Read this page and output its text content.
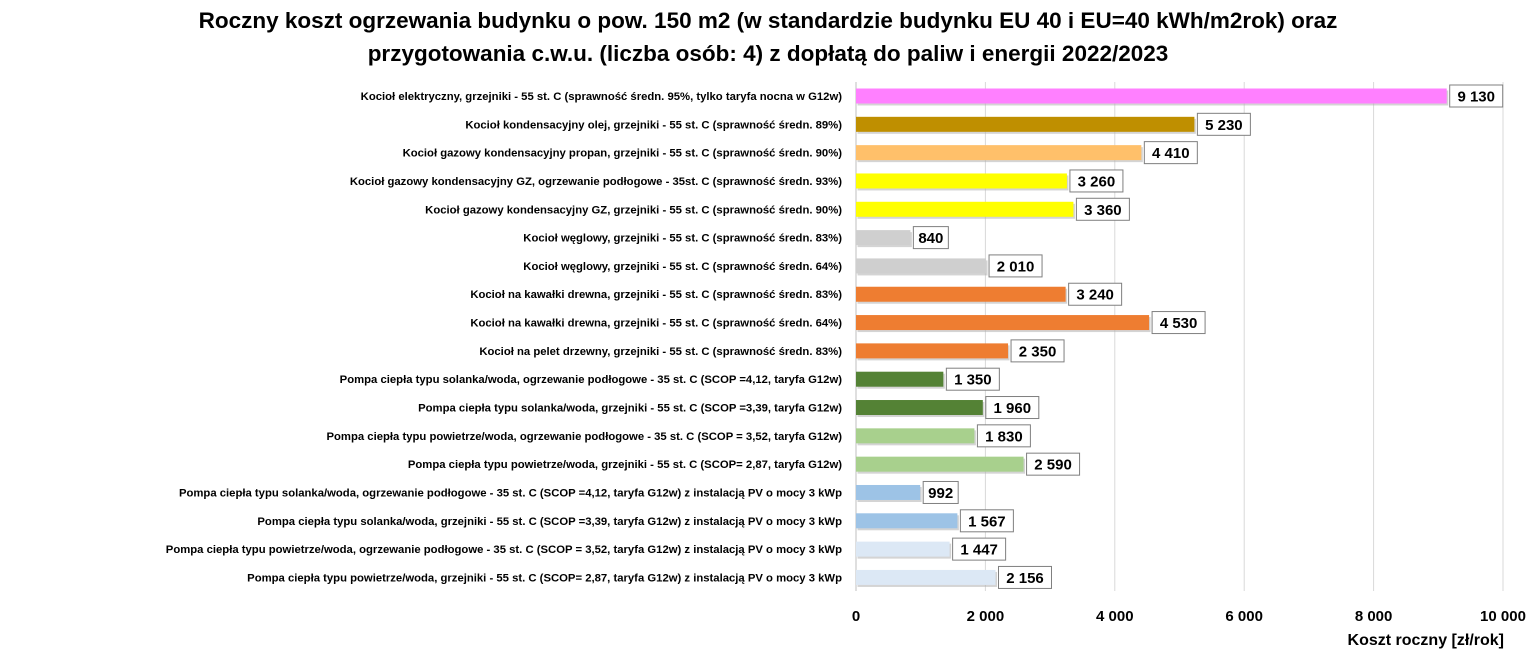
Roczny koszt ogrzewania budynku o pow. 150 m2 (w standardzie budynku EU 40 i EU=40 kWh/m2rok) oraz
przygotowania c.w.u. (liczba osób: 4) z dopłatą do paliw i energii 2022/2023
Kocioł elektryczny, grzejniki - 55 st. C (sprawność średn. 95%, tylko taryfa nocna w G12w)
Kocioł kondensacyjny olej, grzejniki - 55 st. C (sprawność średn. 89%)
Kocioł gazowy kondensacyjny propan, grzejniki - 55 st. C (sprawność średn. 90%)
Kocioł gazowy kondensacyjny GZ, ogrzewanie podłogowe - 35st. C (sprawność średn. 93%)
Kocioł gazowy kondensacyjny GZ, grzejniki - 55 st. C (sprawność średn. 90%)
Kocioł węglowy, grzejniki - 55 st. C (sprawność średn. 83%)
Kocioł węglowy, grzejniki - 55 st. C (sprawność średn. 64%)
Kocioł na kawałki drewna, grzejniki - 55 st. C (sprawność średn. 83%)
Kocioł na kawałki drewna, grzejniki - 55 st. C (sprawność średn. 64%)
Kocioł na pelet drzewny, grzejniki - 55 st. C (sprawność średn. 83%)
Pompa ciepła typu solanka/woda, ogrzewanie podłogowe - 35 st. C (SCOP =4,12, taryfa G12w)
Pompa ciepła typu solanka/woda, grzejniki - 55 st. C (SCOP =3,39, taryfa G12w)
Pompa ciepła typu powietrze/woda, ogrzewanie podłogowe - 35 st. C (SCOP = 3,52, taryfa G12w)
Pompa ciepła typu powietrze/woda, grzejniki - 55 st. C (SCOP= 2,87, taryfa G12w)
Pompa ciepła typu solanka/woda, ogrzewanie podłogowe - 35 st. C (SCOP =4,12, taryfa G12w) z instalacją PV o mocy 3 kWp
Pompa ciepła typu solanka/woda, grzejniki - 55 st. C (SCOP =3,39, taryfa G12w) z instalacją PV o mocy 3 kWp
Pompa ciepła typu powietrze/woda, ogrzewanie podłogowe - 35 st. C (SCOP = 3,52, taryfa G12w) z instalacją PV o mocy 3 kWp
Pompa ciepła typu powietrze/woda, grzejniki - 55 st. C (SCOP= 2,87, taryfa G12w) z instalacją PV o mocy 3 kWp
9 130
5 230
4 410
3 260
3 360
840
2 010
3 240
4 530
2 350
1 350
1 960
1 830
2 590
992
1 567
1 447
2 156
0	2 000	4 000	6 000	8 000	10 000
Koszt roczny [zł/rok]
